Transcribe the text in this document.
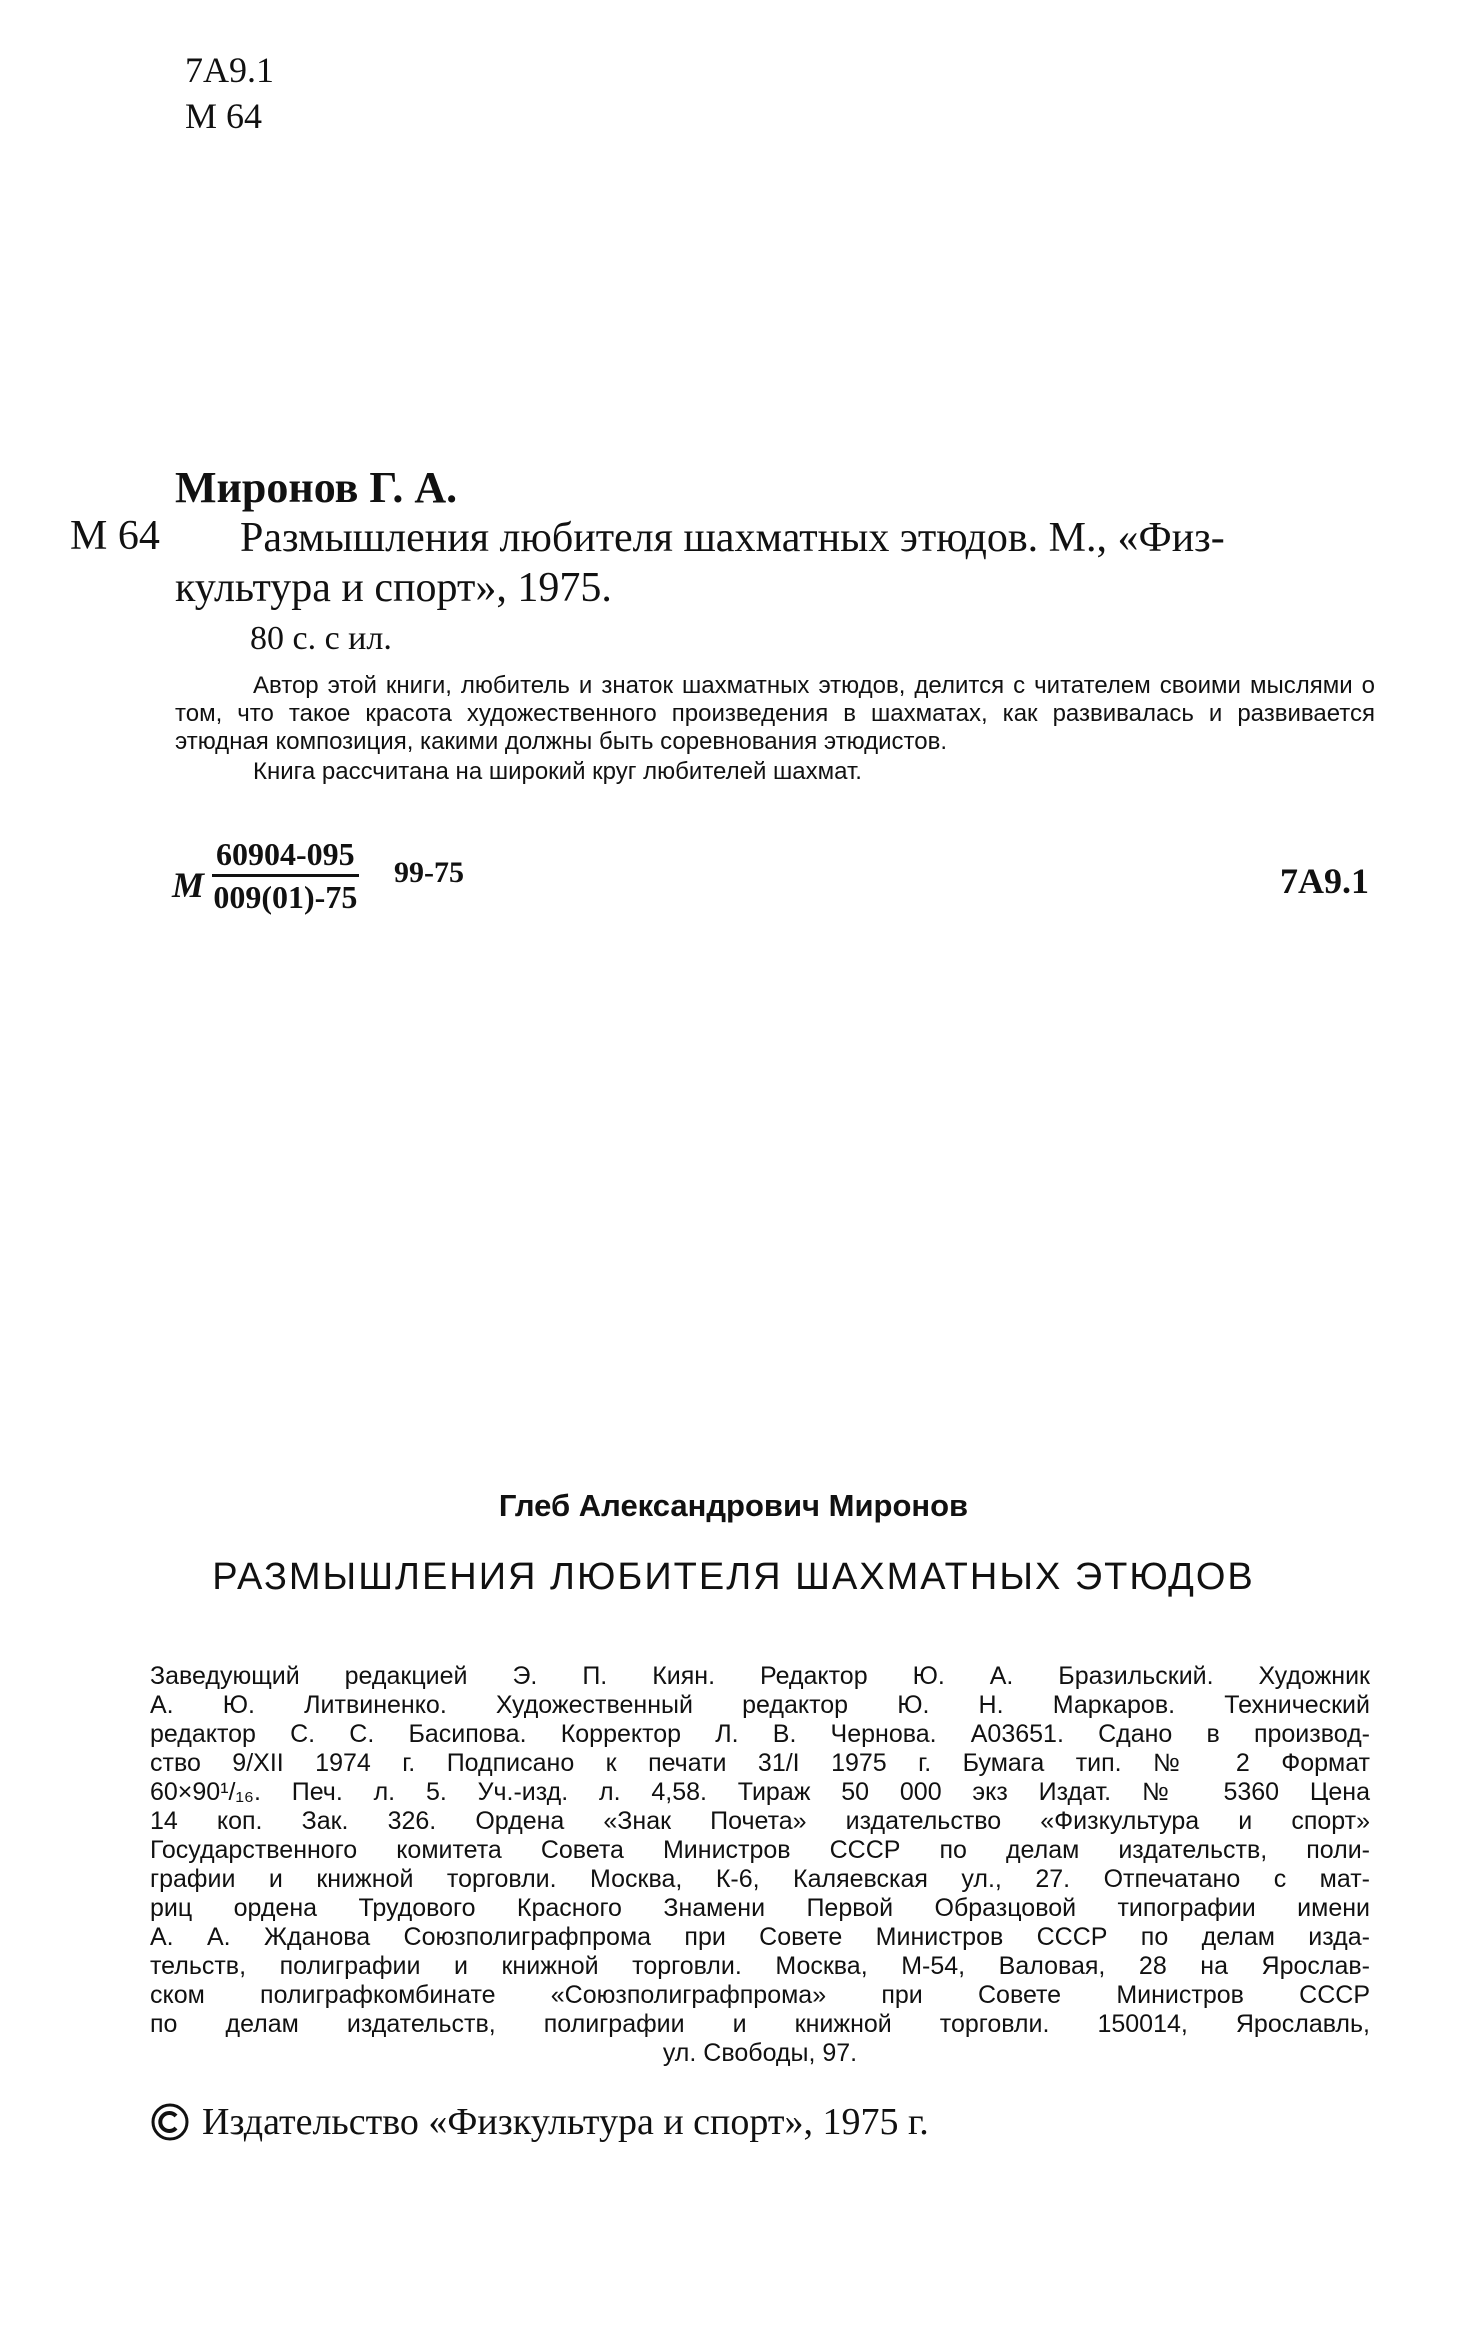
7А9.1
М 64
Миронов Г. А.
М 64 Размышления любителя шахматных этюдов. М., «Физ-
культура и спорт», 1975.
80 с. с ил.

Автор этой книги, любитель и знаток шахматных этюдов, делится с читателем своими мыслями о том, что такое красота художественного произведения в шахматах, как развивалась и развивается этюдная композиция, какими должны быть соревнования этюдистов.

Книга рассчитана на широкий круг любителей шахмат.

М $\frac{60904-095}{009(01)-75} 99-75$	7А9.1
Глеб Александрович Миронов
РАЗМЫШЛЕНИЯ ЛЮБИТЕЛЯ ШАХМАТНЫХ ЭТЮДОВ

Заведующий редакцией Э. П. Киян. Редактор Ю. А. Бразильский. Художник

А. Ю. Литвиненко. Художественный редактор Ю. Н. Маркаров. Технический

редактор С. С. Басипова. Корректор Л. В. Чернова. А03651. Сдано в производ-

ство 9/XII 1974 г. Подписано к печати 31/I 1975 г. Бумага тип. № 2 Формат

60×90¹/₁₆. Печ. л. 5. Уч.-изд. л. 4,58. Тираж 50 000 экз Издат. № 5360 Цена

14 коп. Зак. 326. Ордена «Знак Почета» издательство «Физкультура и спорт»

Государственного комитета Совета Министров СССР по делам издательств, поли-

графии и книжной торговли. Москва, К-6, Каляевская ул., 27. Отпечатано с мат-

риц ордена Трудового Красного Знамени Первой Образцовой типографии имени

А. А. Жданова Союзполиграфпрома при Совете Министров СССР по делам изда-

тельств, полиграфии и книжной торговли. Москва, М-54, Валовая, 28 на Ярослав-

ском полиграфкомбинате «Союзполиграфпрома» при Совете Министров СССР

по делам издательств, полиграфии и книжной торговли. 150014, Ярославль,

ул. Свободы, 97.

Издательство «Физкультура и спорт», 1975 г.
